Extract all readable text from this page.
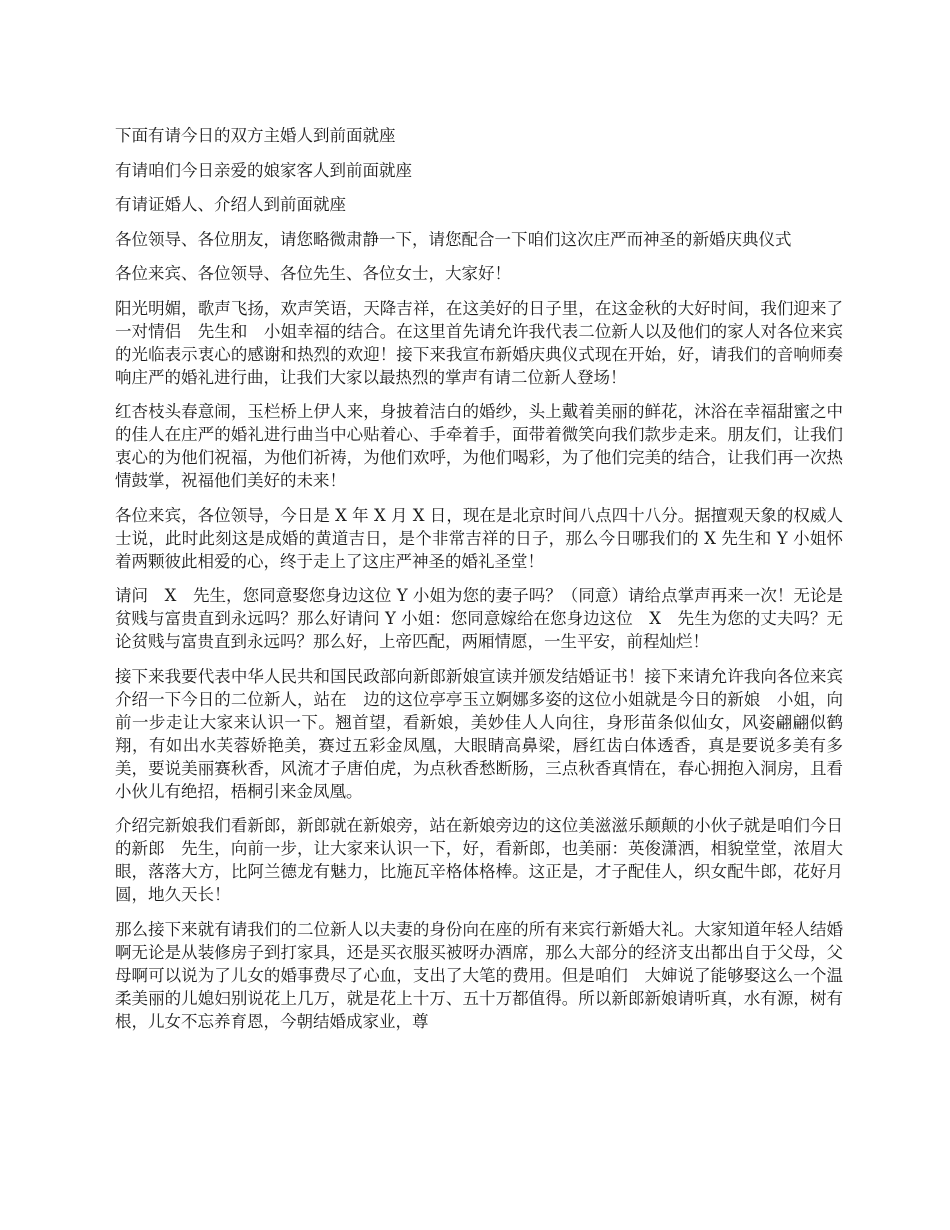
下面有请今日的双方主婚人到前面就座

有请咱们今日亲爱的娘家客人到前面就座

有请证婚人、介绍人到前面就座

各位领导、各位朋友，请您略微肃静一下，请您配合一下咱们这次庄严而神圣的新婚庆典仪式

各位来宾、各位领导、各位先生、各位女士，大家好！

阳光明媚，歌声飞扬，欢声笑语，天降吉祥，在这美好的日子里，在这金秋的大好时间，我们迎来了一对情侣　先生和　小姐幸福的结合。在这里首先请允许我代表二位新人以及他们的家人对各位来宾的光临表示衷心的感谢和热烈的欢迎！接下来我宣布新婚庆典仪式现在开始，好，请我们的音响师奏响庄严的婚礼进行曲，让我们大家以最热烈的掌声有请二位新人登场！

红杏枝头春意闹，玉栏桥上伊人来，身披着洁白的婚纱，头上戴着美丽的鲜花，沐浴在幸福甜蜜之中的佳人在庄严的婚礼进行曲当中心贴着心、手牵着手，面带着微笑向我们款步走来。朋友们，让我们衷心的为他们祝福，为他们祈祷，为他们欢呼，为他们喝彩，为了他们完美的结合，让我们再一次热情鼓掌，祝福他们美好的未来！

各位来宾，各位领导，今日是 X 年 X 月 X 日，现在是北京时间八点四十八分。据擅观天象的权威人士说，此时此刻这是成婚的黄道吉日，是个非常吉祥的日子，那么今日哪我们的 X 先生和 Y 小姐怀着两颗彼此相爱的心，终于走上了这庄严神圣的婚礼圣堂！

请问　X　先生，您同意娶您身边这位 Y 小姐为您的妻子吗？（同意）请给点掌声再来一次！无论是贫贱与富贵直到永远吗？那么好请问 Y 小姐：您同意嫁给在您身边这位　X　先生为您的丈夫吗？无论贫贱与富贵直到永远吗？那么好，上帝匹配，两厢情愿，一生平安，前程灿烂！

接下来我要代表中华人民共和国民政部向新郎新娘宣读并颁发结婚证书！接下来请允许我向各位来宾介绍一下今日的二位新人，站在　边的这位亭亭玉立婀娜多姿的这位小姐就是今日的新娘　小姐，向前一步走让大家来认识一下。翘首望，看新娘，美妙佳人人向往，身形苗条似仙女，风姿翩翩似鹤翔，有如出水芙蓉娇艳美，赛过五彩金凤凰，大眼睛高鼻梁，唇红齿白体透香，真是要说多美有多美，要说美丽赛秋香，风流才子唐伯虎，为点秋香愁断肠，三点秋香真情在，春心拥抱入洞房，且看小伙儿有绝招，梧桐引来金凤凰。

介绍完新娘我们看新郎，新郎就在新娘旁，站在新娘旁边的这位美滋滋乐颠颠的小伙子就是咱们今日的新郎　先生，向前一步，让大家来认识一下，好，看新郎，也美丽：英俊潇洒，相貌堂堂，浓眉大眼，落落大方，比阿兰德龙有魅力，比施瓦辛格体格棒。这正是，才子配佳人，织女配牛郎，花好月圆，地久天长！

那么接下来就有请我们的二位新人以夫妻的身份向在座的所有来宾行新婚大礼。大家知道年轻人结婚啊无论是从装修房子到打家具，还是买衣服买被呀办酒席，那么大部分的经济支出都出自于父母，父母啊可以说为了儿女的婚事费尽了心血，支出了大笔的费用。但是咱们　大婶说了能够娶这么一个温柔美丽的儿媳妇别说花上几万，就是花上十万、五十万都值得。所以新郎新娘请听真，水有源，树有根，儿女不忘养育恩，今朝结婚成家业，尊
